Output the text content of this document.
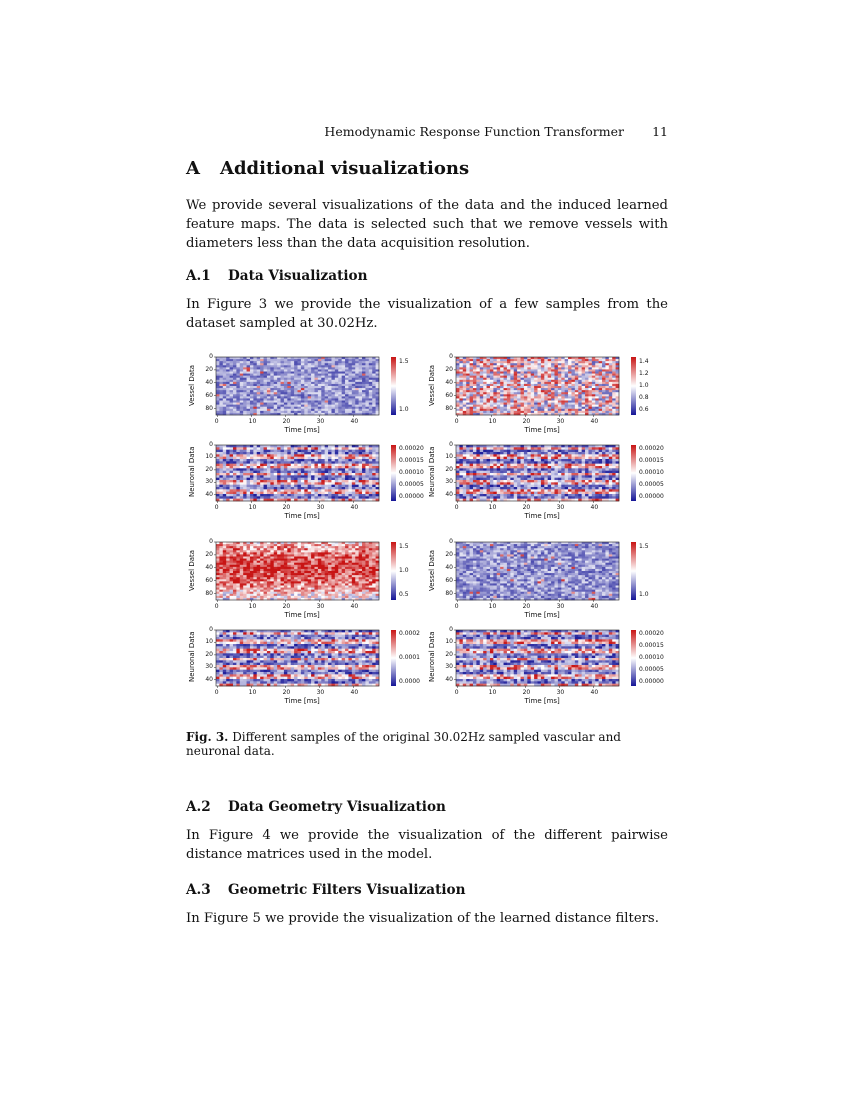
Hemodynamic Response Function Transformer 11
A Additional visualizations

We provide several visualizations of the data and the induced learned feature maps. The data is selected such that we remove vessels with diameters less than the data acquisition resolution.

A.1 Data Visualization

In Figure 3 we provide the visualization of a few samples from the dataset sampled at 30.02Hz.

1.5
1.0
0	10	20	30	40
0
20
40
60
80
Time [ms]
Vessel Data
1.4
1.2
1.0
0.8
0.6
0	10	20	30	40
0
20
40
60
80
Time [ms]
Vessel Data
0.00020
0.00015
0.00010
0.00005
0.00000
0	10	20	30	40
0
10
20
30
40
Time [ms]
Neuronal Data	0.00020
0.00015
0.00010
0.00005
0.00000
0	10	20	30	40
0
10
20
30
40
Time [ms]
Neuronal Data
1.5
1.0
0.5
0	10	20	30	40
0
20
40
60
80
Time [ms]
Vessel Data
1.5
1.0
0	10	20	30	40
0
20
40
60
80
Time [ms]
Vessel Data
0.0002
0.0001
0.0000
0	10	20	30	40
0
10
20
30
40
Time [ms]
Neuronal Data	0.00020
0.00015
0.00010
0.00005
0.00000
0	10	20	30	40
0
10
20
30
40
Time [ms]
Neuronal Data

Fig. 3. Different samples of the original 30.02Hz sampled vascular and neuronal data.

A.2 Data Geometry Visualization

In Figure 4 we provide the visualization of the different pairwise distance matrices used in the model.

A.3 Geometric Filters Visualization

In Figure 5 we provide the visualization of the learned distance filters.
